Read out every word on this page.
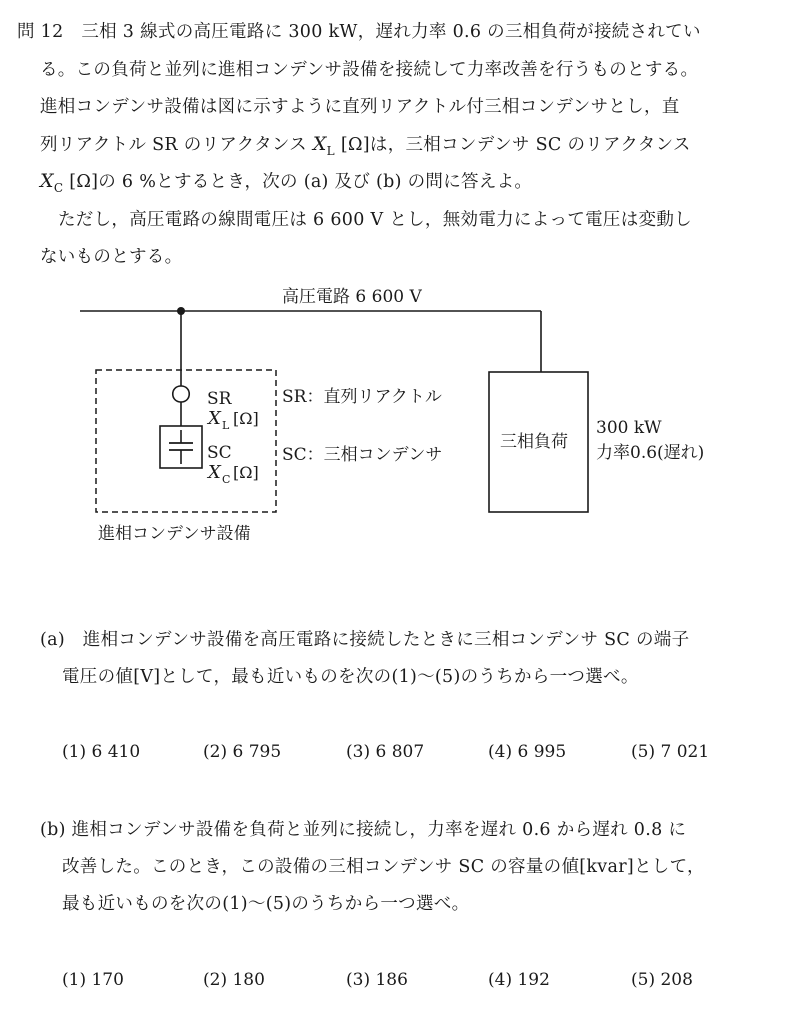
問 12　三相 3 線式の高圧電路に 300 kW，遅れ力率 0.6 の三相負荷が接続されてい
る。この負荷と並列に進相コンデンサ設備を接続して力率改善を行うものとする。
進相コンデンサ設備は図に示すように直列リアクトル付三相コンデンサとし，直
列リアクトル SR のリアクタンス $X_L$ [Ω]は，三相コンデンサ SC のリアクタンス
$X_C$ [Ω]の 6 %とするとき，次の (a) 及び (b) の問に答えよ。
ただし，高圧電路の線間電圧は 6 600 V とし，無効電力によって電圧は変動し
ないものとする。
高圧電路 6 600 V
SR
X L [Ω]
SC
X C [Ω]
SR：直列リアクトル
SC：三相コンデンサ
進相コンデンサ設備
三相負荷
300 kW
力率0.6(遅れ)
(a)　進相コンデンサ設備を高圧電路に接続したときに三相コンデンサ SC の端子
電圧の値[V]として，最も近いものを次の(1)～(5)のうちから一つ選べ。
(1) 6 410	(2) 6 795	(3) 6 807	(4) 6 995	(5) 7 021
(b) 進相コンデンサ設備を負荷と並列に接続し，力率を遅れ 0.6 から遅れ 0.8 に
改善した。このとき，この設備の三相コンデンサ SC の容量の値[kvar]として，
最も近いものを次の(1)～(5)のうちから一つ選べ。
(1) 170	(2) 180	(3) 186	(4) 192	(5) 208
